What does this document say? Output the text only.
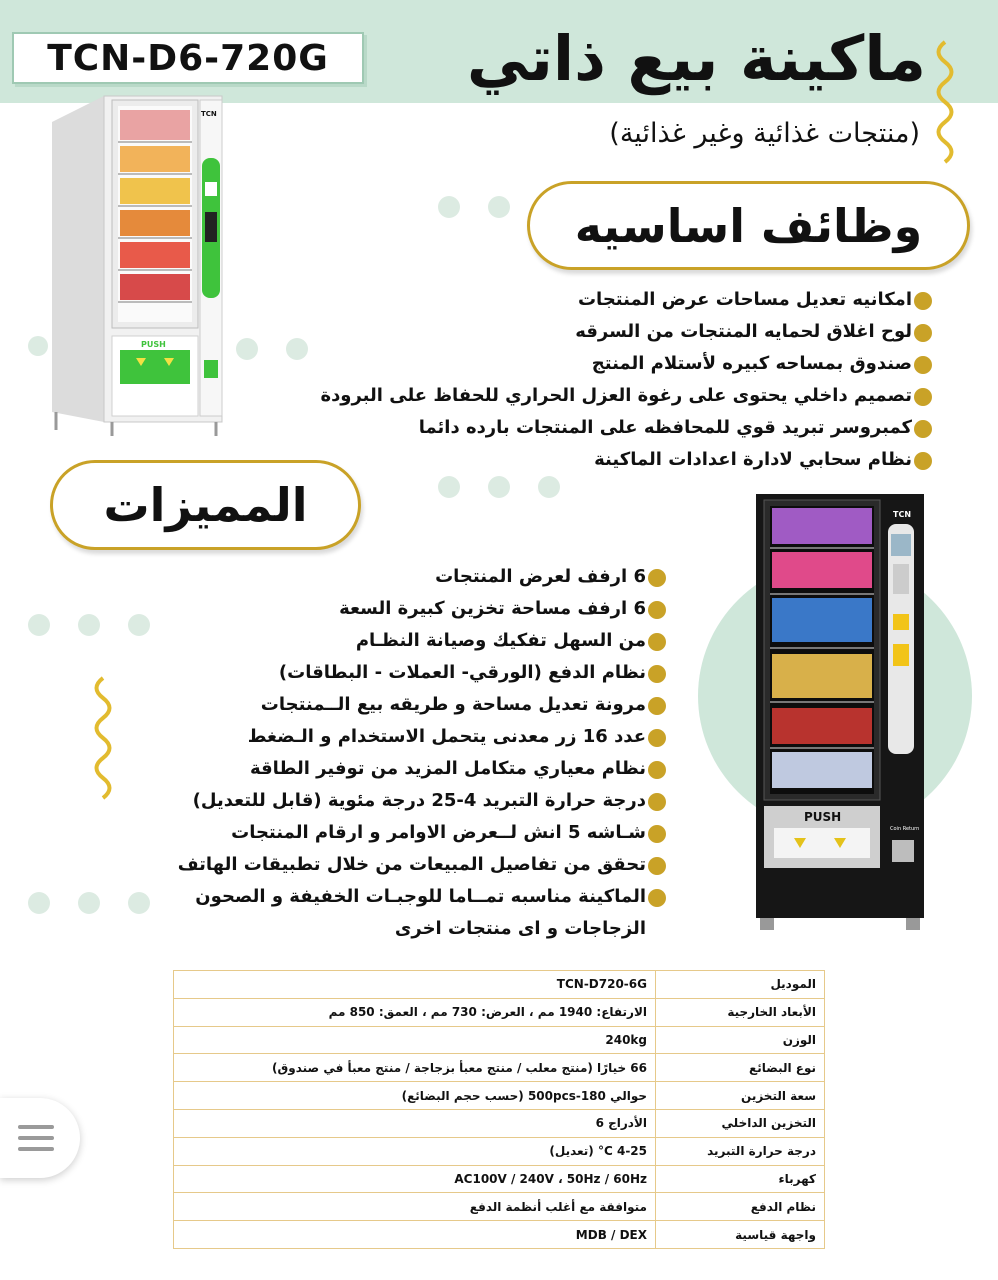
TCN-D6-720G	ماكينة بيع ذاتي
(منتجات غذائية وغير غذائية)
TCN
PUSH
وظائف اساسيه
امكانيه تعديل مساحات عرض المنتجات
لوح اغلاق لحمايه المنتجات من السرقه
صندوق بمساحه كبيره لأستلام المنتج
تصميم داخلي يحتوى على رغوة العزل الحراري للحفاظ على البرودة
كمبروسر تبريد قوي للمحافظه على المنتجات بارده دائما
نظام سحابي لادارة اعدادات الماكينة
المميزات
6 ارفف لعرض المنتجات
6 ارفف مساحة تخزين كبيرة السعة
من السهل تفكيك وصيانة النظـام
نظام الدفع (الورقي- العملات - البطاقات)
مرونة تعديل مساحة و طريقه بيع الــمنتجات
عدد 16 زر معدنى يتحمل الاستخدام و الـضغط
نظام معياري متكامل المزيد من توفير الطاقة
درجة حرارة التبريد 4-25 درجة مئوية (قابل للتعديل)
شـاشه 5 انش لــعرض الاوامر و ارقام المنتجات
تحقق من تفاصيل المبيعات من خلال تطبيقات الهاتف
الماكينة مناسبه تمــاما للوجبـات الخفيفة و الصحون
الزجاجات و اى منتجات اخرى
TCN
PUSH
Coin Return
الموديل	TCN-D720-6G
الأبعاد الخارجية	الارتفاع: 1940 مم ، العرض: 730 مم ، العمق: 850 مم
الوزن	240kg
نوع البضائع	66 خيارًا (منتج معلب / منتج معبأ بزجاجة / منتج معبأ في صندوق)
سعة التخزين	حوالي 180-500pcs (حسب حجم البضائع)
التخزين الداخلي	الأدراج 6
درجة حرارة التبريد	4-25 C° (تعديل)
كهرباء	AC100V / 240V ، 50Hz / 60Hz
نظام الدفع	متوافقة مع أغلب أنظمة الدفع
واجهة قياسية	MDB / DEX
